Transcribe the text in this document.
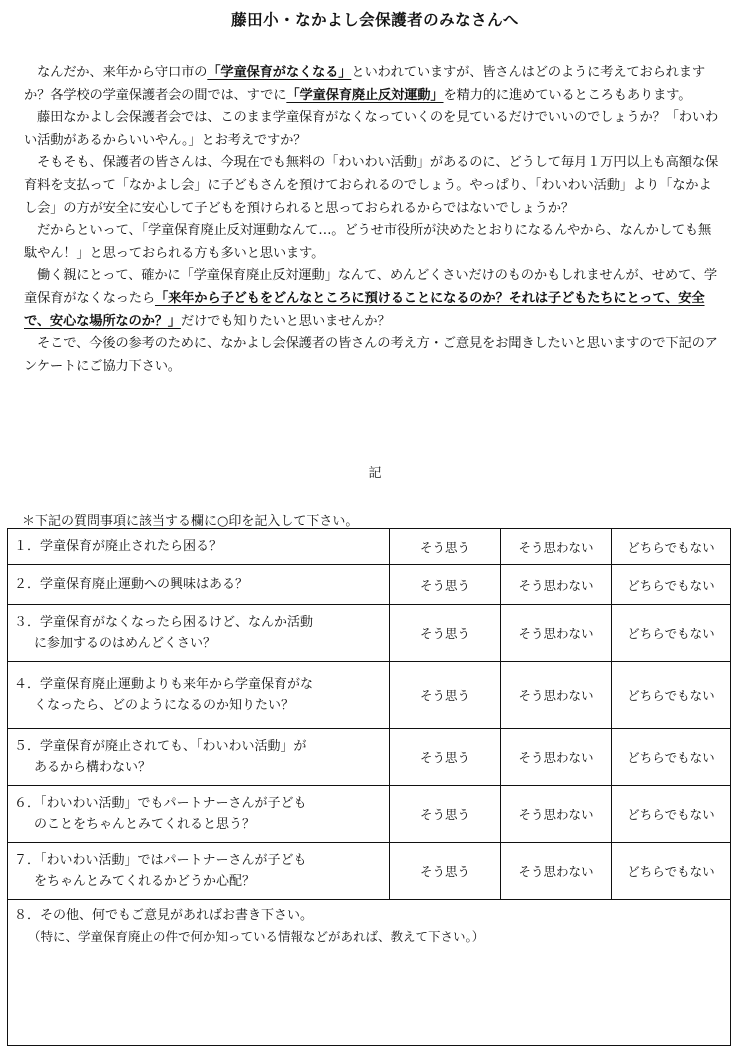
藤田小・なかよし会保護者のみなさんへ

なんだか、来年から守口市の「学童保育がなくなる」といわれていますが、皆さんはどのように考えておられますか？各学校の学童保護者会の間では、すでに「学童保育廃止反対運動」を精力的に進めているところもあります。

藤田なかよし会保護者会では、このまま学童保育がなくなっていくのを見ているだけでいいのでしょうか？「わいわい活動があるからいいやん。」とお考えですか？

そもそも、保護者の皆さんは、今現在でも無料の「わいわい活動」があるのに、どうして毎月１万円以上も高額な保育料を支払って「なかよし会」に子どもさんを預けておられるのでしょう。やっぱり、「わいわい活動」より「なかよし会」の方が安全に安心して子どもを預けられると思っておられるからではないでしょうか？

だからといって、「学童保育廃止反対運動なんて…。どうせ市役所が決めたとおりになるんやから、なんかしても無駄やん！」と思っておられる方も多いと思います。

働く親にとって、確かに「学童保育廃止反対運動」なんて、めんどくさいだけのものかもしれませんが、せめて、学童保育がなくなったら「来年から子どもをどんなところに預けることになるのか？それは子どもたちにとって、安全で、安心な場所なのか？」だけでも知りたいと思いませんか？

そこで、今後の参考のために、なかよし会保護者の皆さんの考え方・ご意見をお聞きしたいと思いますので下記のアンケートにご協力下さい。

記
＊下記の質問事項に該当する欄に○印を記入して下さい。
１．学童保育が廃止されたら困る？	そう思う	そう思わない	どちらでもない

２．学童保育廃止運動への興味はある？	そう思う	そう思わない	どちらでもない

３．学童保育がなくなったら困るけど、なんか活動
に参加するのはめんどくさい？	そう思う	そう思わない	どちらでもない

４．学童保育廃止運動よりも来年から学童保育がな
くなったら、どのようになるのか知りたい？	そう思う	そう思わない	どちらでもない

５．学童保育が廃止されても、「わいわい活動」が
あるから構わない？	そう思う	そう思わない	どちらでもない

６．「わいわい活動」でもパートナーさんが子ども
のことをちゃんとみてくれると思う？	そう思う	そう思わない	どちらでもない

７．「わいわい活動」ではパートナーさんが子ども
をちゃんとみてくれるかどうか心配？	そう思う	そう思わない	どちらでもない

８．その他、何でもご意見があればお書き下さい。
（特に、学童保育廃止の件で何か知っている情報などがあれば、教えて下さい。）			
